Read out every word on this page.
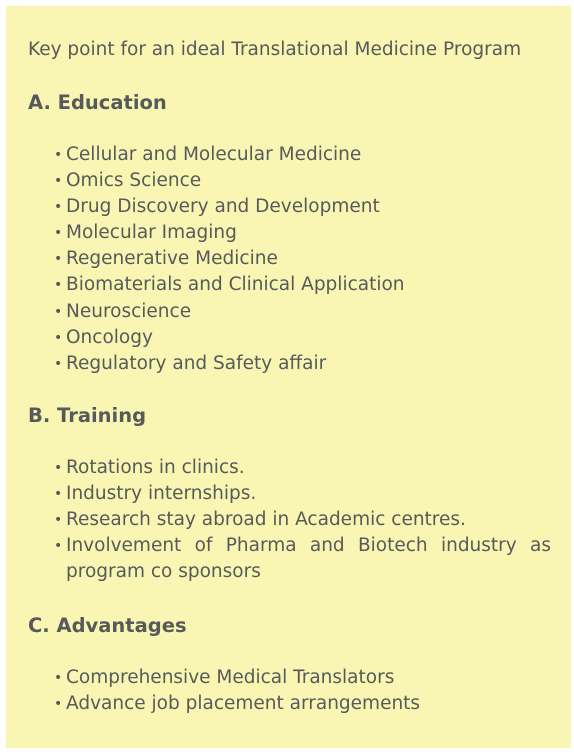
Key point for an ideal Translational Medicine Program
A. Education
• Cellular and Molecular Medicine
• Omics Science
• Drug Discovery and Development
• Molecular Imaging
• Regenerative Medicine
• Biomaterials and Clinical Application
• Neuroscience
• Oncology
• Regulatory and Safety affair
B. Training
• Rotations in clinics.
• Industry internships.
• Research stay abroad in Academic centres.
• Involvement of Pharma and Biotech industry as program co sponsors
C. Advantages
• Comprehensive Medical Translators
• Advance job placement arrangements
